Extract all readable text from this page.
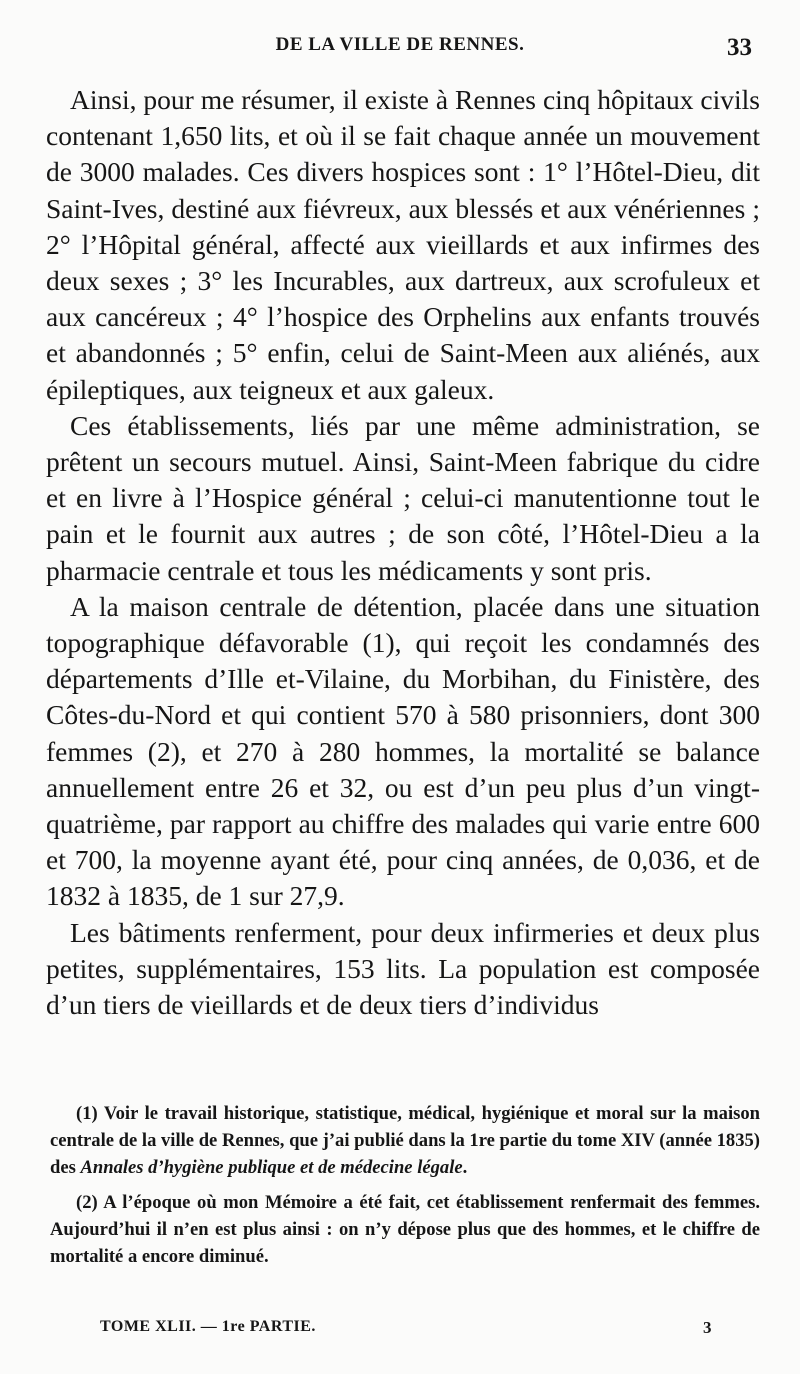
DE LA VILLE DE RENNES.	33

Ainsi, pour me résumer, il existe à Rennes cinq hôpitaux civils contenant 1,650 lits, et où il se fait chaque année un mouvement de 3000 malades. Ces divers hospices sont : 1° l’Hôtel-Dieu, dit Saint-Ives, destiné aux fiévreux, aux blessés et aux vénériennes ; 2° l’Hôpital général, affecté aux vieillards et aux infirmes des deux sexes ; 3° les Incurables, aux dartreux, aux scrofuleux et aux cancéreux ; 4° l’hospice des Orphelins aux enfants trouvés et abandonnés ; 5° enfin, celui de Saint-Meen aux aliénés, aux épileptiques, aux teigneux et aux galeux.

Ces établissements, liés par une même administration, se prêtent un secours mutuel. Ainsi, Saint-Meen fabrique du cidre et en livre à l’Hospice général ; celui-ci manutentionne tout le pain et le fournit aux autres ; de son côté, l’Hôtel-Dieu a la pharmacie centrale et tous les médicaments y sont pris.

A la maison centrale de détention, placée dans une situation topographique défavorable (1), qui reçoit les condamnés des départements d’Ille et-Vilaine, du Morbihan, du Finistère, des Côtes-du-Nord et qui contient 570 à 580 prisonniers, dont 300 femmes (2), et 270 à 280 hommes, la mortalité se balance annuellement entre 26 et 32, ou est d’un peu plus d’un vingtquatrième, par rapport au chiffre des malades qui varie entre 600 et 700, la moyenne ayant été, pour cinq années, de 0,036, et de 1832 à 1835, de 1 sur 27,9.

Les bâtiments renferment, pour deux infirmeries et deux plus petites, supplémentaires, 153 lits. La population est composée d’un tiers de vieillards et de deux tiers d’individus

(1) Voir le travail historique, statistique, médical, hygiénique et moral sur la maison centrale de la ville de Rennes, que j’ai publié dans la 1re partie du tome XIV (année 1835) des Annales d’hygiène publique et de médecine légale.

(2) A l’époque où mon Mémoire a été fait, cet établissement renfermait des femmes. Aujourd’hui il n’en est plus ainsi : on n’y dépose plus que des hommes, et le chiffre de mortalité a encore diminué.

TOME XLII. — 1re PARTIE.	3
